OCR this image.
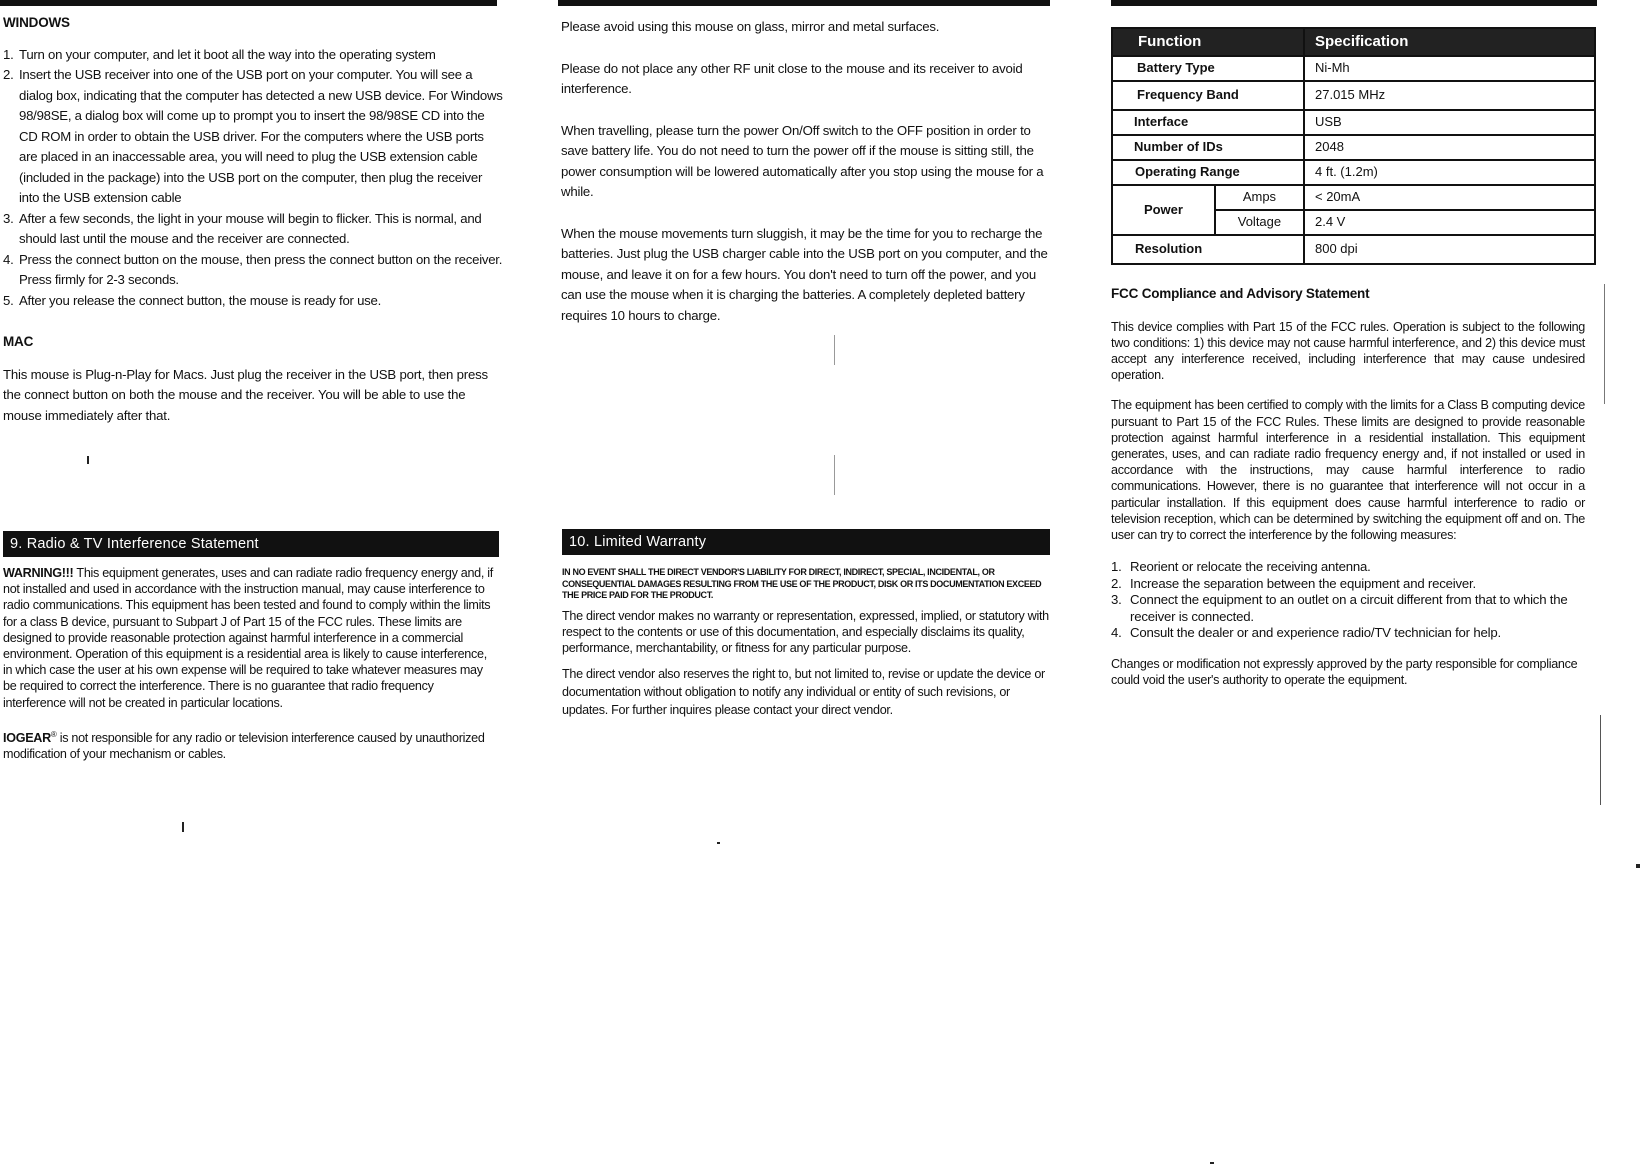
WINDOWS
1. Turn on your computer, and let it boot all the way into the operating system
2. Insert the USB receiver into one of the USB port on your computer. You will see a dialog box, indicating that the computer has detected a new USB device. For Windows 98/98SE, a dialog box will come up to prompt you to insert the 98/98SE CD into the CD ROM in order to obtain the USB driver. For the computers where the USB ports are placed in an inaccessable area, you will need to plug the USB extension cable (included in the package) into the USB port on the computer, then plug the receiver into the USB extension cable
3. After a few seconds, the light in your mouse will begin to flicker. This is normal, and should last until the mouse and the receiver are connected.
4. Press the connect button on the mouse, then press the connect button on the receiver. Press firmly for 2-3 seconds.
5. After you release the connect button, the mouse is ready for use.
MAC

This mouse is Plug-n-Play for Macs. Just plug the receiver in the USB port, then press the connect button on both the mouse and the receiver. You will be able to use the mouse immediately after that.

9. Radio & TV Interference Statement

WARNING!!! This equipment generates, uses and can radiate radio frequency energy and, if not installed and used in accordance with the instruction manual, may cause interference to radio communications. This equipment has been tested and found to comply within the limits for a class B device, pursuant to Subpart J of Part 15 of the FCC rules. These limits are designed to provide reasonable protection against harmful interference in a commercial environment. Operation of this equipment is a residential area is likely to cause interference, in which case the user at his own expense will be required to take whatever measures may be required to correct the interference. There is no guarantee that radio frequency interference will not be created in particular locations.

IOGEAR® is not responsible for any radio or television interference caused by unauthorized modification of your mechanism or cables.

Please avoid using this mouse on glass, mirror and metal surfaces.

Please do not place any other RF unit close to the mouse and its receiver to avoid interference.

When travelling, please turn the power On/Off switch to the OFF position in order to save battery life. You do not need to turn the power off if the mouse is sitting still, the power consumption will be lowered automatically after you stop using the mouse for a while.

When the mouse movements turn sluggish, it may be the time for you to recharge the batteries. Just plug the USB charger cable into the USB port on you computer, and the mouse, and leave it on for a few hours. You don't need to turn off the power, and you can use the mouse when it is charging the batteries. A completely depleted battery requires 10 hours to charge.

10. Limited Warranty

IN NO EVENT SHALL THE DIRECT VENDOR'S LIABILITY FOR DIRECT, INDIRECT, SPECIAL, INCIDENTAL, OR CONSEQUENTIAL DAMAGES RESULTING FROM THE USE OF THE PRODUCT, DISK OR ITS DOCUMENTATION EXCEED THE PRICE PAID FOR THE PRODUCT.

The direct vendor makes no warranty or representation, expressed, implied, or statutory with respect to the contents or use of this documentation, and especially disclaims its quality, performance, merchantability, or fitness for any particular purpose.

The direct vendor also reserves the right to, but not limited to, revise or update the device or documentation without obligation to notify any individual or entity of such revisions, or updates. For further inquires please contact your direct vendor.

Function		Specification
Battery Type		Ni-Mh
Frequency Band		27.015 MHz
Interface		USB
Number of IDs		2048
Operating Range		4 ft. (1.2m)
Power	Amps	< 20mA
	Voltage	2.4 V
Resolution		800 dpi
FCC Compliance and Advisory Statement

This device complies with Part 15 of the FCC rules. Operation is subject to the following two conditions: 1) this device may not cause harmful interference, and 2) this device must accept any interference received, including interference that may cause undesired operation.

The equipment has been certified to comply with the limits for a Class B computing device pursuant to Part 15 of the FCC Rules. These limits are designed to provide reasonable protection against harmful interference in a residential installation. This equipment generates, uses, and can radiate radio frequency energy and, if not installed or used in accordance with the instructions, may cause harmful interference to radio communications. However, there is no guarantee that interference will not occur in a particular installation. If this equipment does cause harmful interference to radio or television reception, which can be determined by switching the equipment off and on. The user can try to correct the interference by the following measures:

1. Reorient or relocate the receiving antenna.
2. Increase the separation between the equipment and receiver.
3. Connect the equipment to an outlet on a circuit different from that to which the receiver is connected.
4. Consult the dealer or and experience radio/TV technician for help.

Changes or modification not expressly approved by the party responsible for compliance could void the user's authority to operate the equipment.
